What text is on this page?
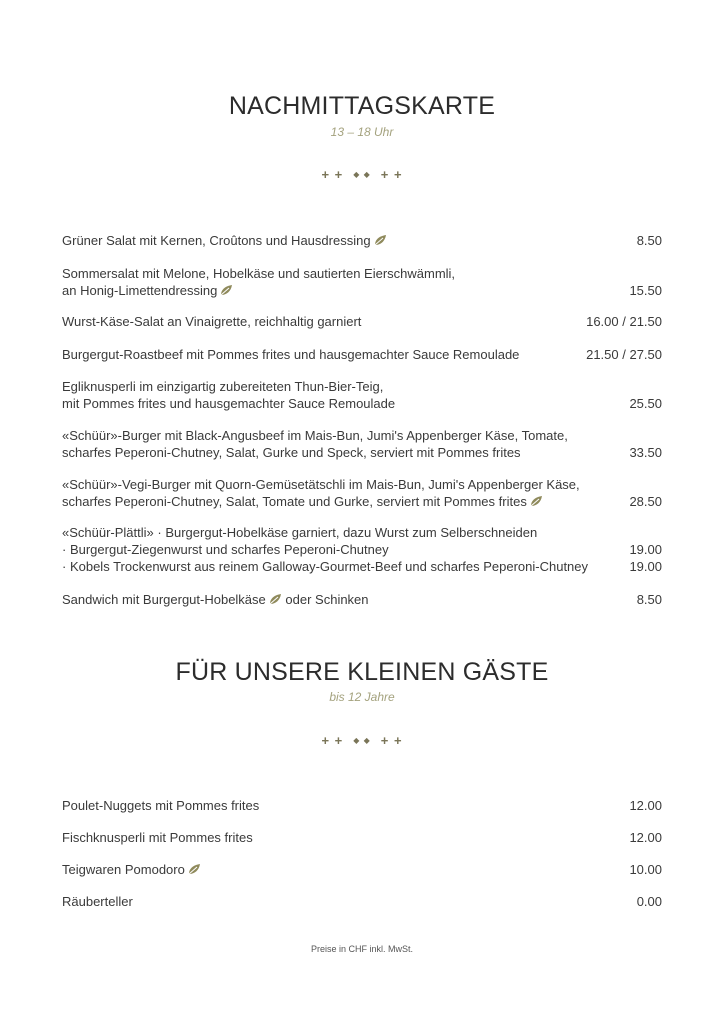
NACHMITTAGSKARTE
13 – 18 Uhr
+ + ◆ ◆ + +
Grüner Salat mit Kernen, Croûtons und Hausdressing	8.50
Sommersalat mit Melone, Hobelkäse und sautierten Eierschwämmli,
an Honig-Limettendressing	15.50
Wurst-Käse-Salat an Vinaigrette, reichhaltig garniert	16.00 / 21.50
Burgergut-Roastbeef mit Pommes frites und hausgemachter Sauce Remoulade	21.50 / 27.50
Egliknusperli im einzigartig zubereiteten Thun-Bier-Teig,
mit Pommes frites und hausgemachter Sauce Remoulade	25.50
«Schüür»-Burger mit Black-Angusbeef im Mais-Bun, Jumi's Appenberger Käse, Tomate,
scharfes Peperoni-Chutney, Salat, Gurke und Speck, serviert mit Pommes frites	33.50
«Schüür»-Vegi-Burger mit Quorn-Gemüsetätschli im Mais-Bun, Jumi's Appenberger Käse,
scharfes Peperoni-Chutney, Salat, Tomate und Gurke, serviert mit Pommes frites	28.50
«Schüür-Plättli» · Burgergut-Hobelkäse garniert, dazu Wurst zum Selberschneiden
· Burgergut-Ziegenwurst und scharfes Peperoni-Chutney	19.00
· Kobels Trockenwurst aus reinem Galloway-Gourmet-Beef und scharfes Peperoni-Chutney	19.00
Sandwich mit Burgergut-Hobelkäse oder Schinken	8.50
FÜR UNSERE KLEINEN GÄSTE
bis 12 Jahre
+ + ◆ ◆ + +
Poulet-Nuggets mit Pommes frites	12.00
Fischknusperli mit Pommes frites	12.00
Teigwaren Pomodoro	10.00
Räuberteller	0.00
Preise in CHF inkl. MwSt.
